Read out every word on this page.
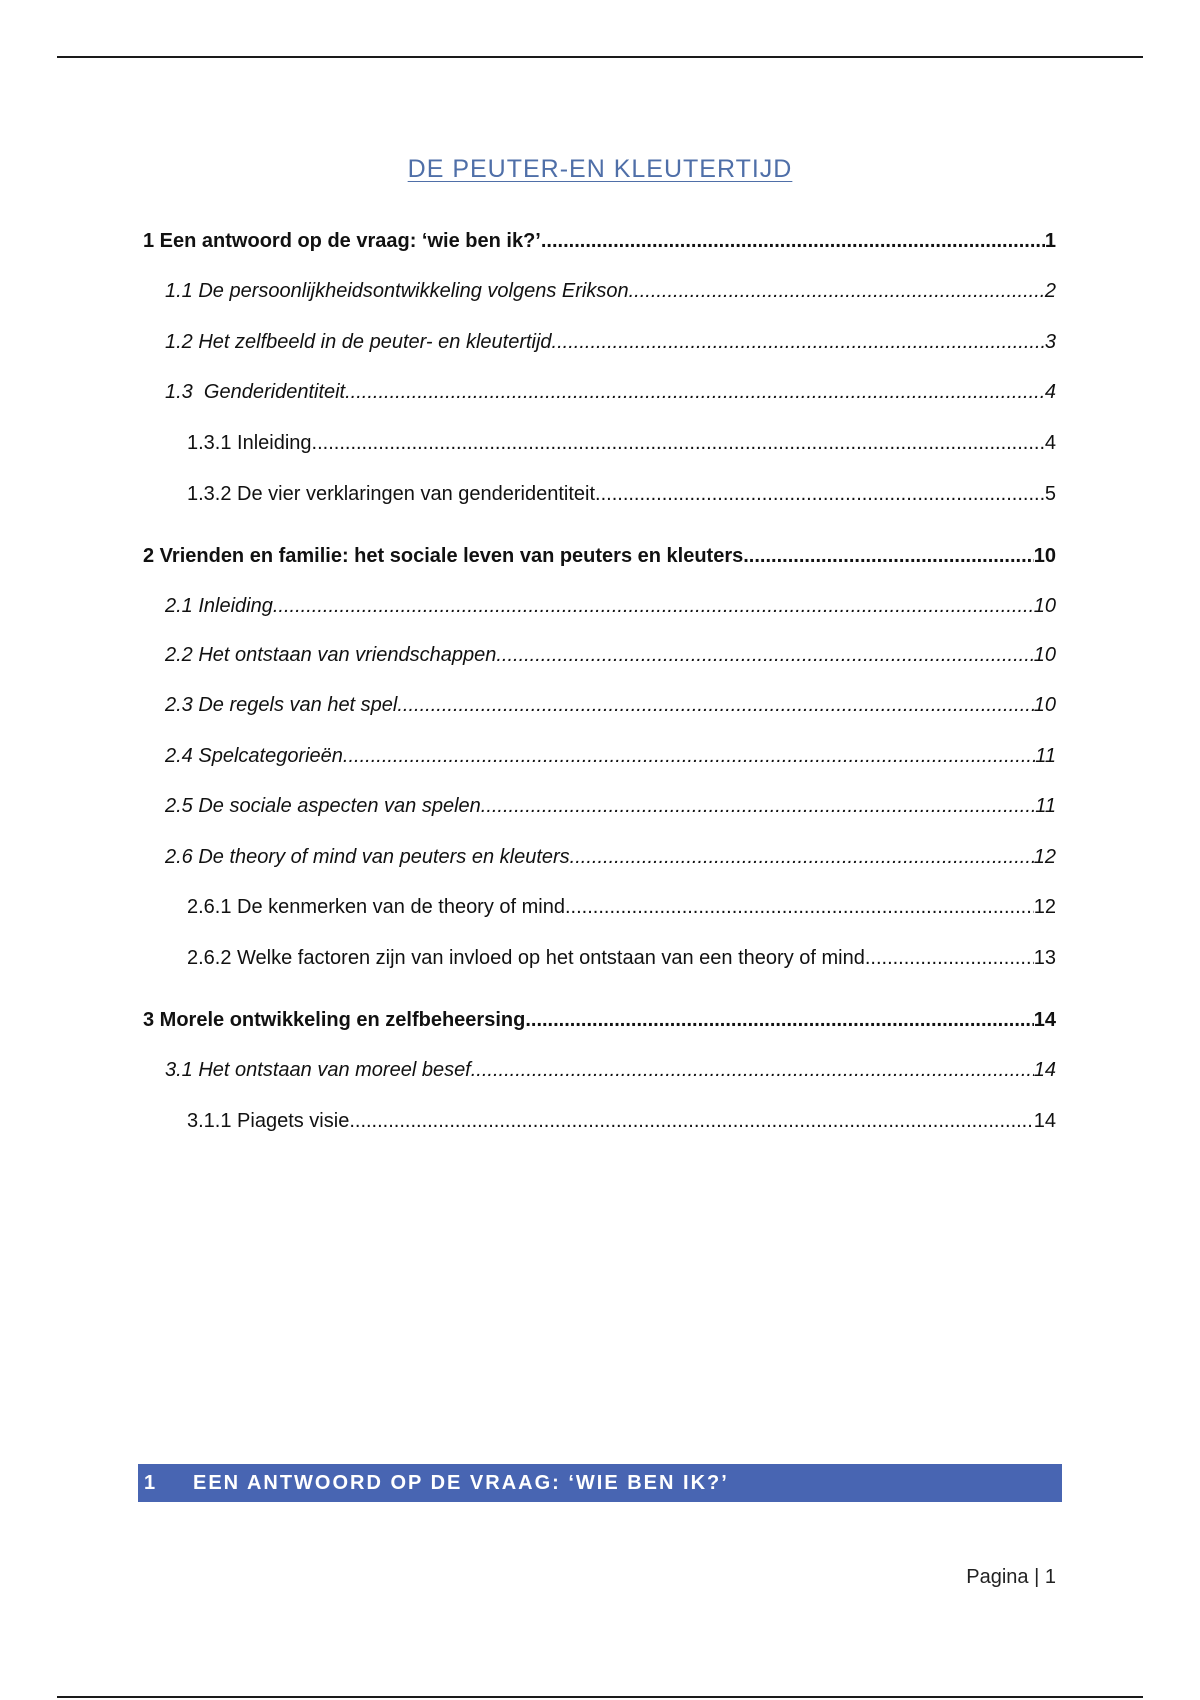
DE PEUTER-EN KLEUTERTIJD
1 Een antwoord op de vraag: ‘wie ben ik?’ .....	1
1.1 De persoonlijkheidsontwikkeling volgens Erikson .....	2
1.2 Het zelfbeeld in de peuter- en kleutertijd .....	3
1.3  Genderidentiteit .....	4
1.3.1 Inleiding .....	4
1.3.2 De vier verklaringen van genderidentiteit .....	5
2 Vrienden en familie: het sociale leven van peuters en kleuters .....	10
2.1 Inleiding .....	10
2.2 Het ontstaan van vriendschappen .....	10
2.3 De regels van het spel .....	10
2.4 Spelcategorieën .....	11
2.5 De sociale aspecten van spelen .....	11
2.6 De theory of mind van peuters en kleuters .....	12
2.6.1 De kenmerken van de theory of mind .....	12
2.6.2 Welke factoren zijn van invloed op het ontstaan van een theory of mind .....	13
3 Morele ontwikkeling en zelfbeheersing .....	14
3.1 Het ontstaan van moreel besef .....	14
3.1.1 Piagets visie .....	14
1	EEN ANTWOORD OP DE VRAAG: ‘WIE BEN IK?’
Pagina | 1
